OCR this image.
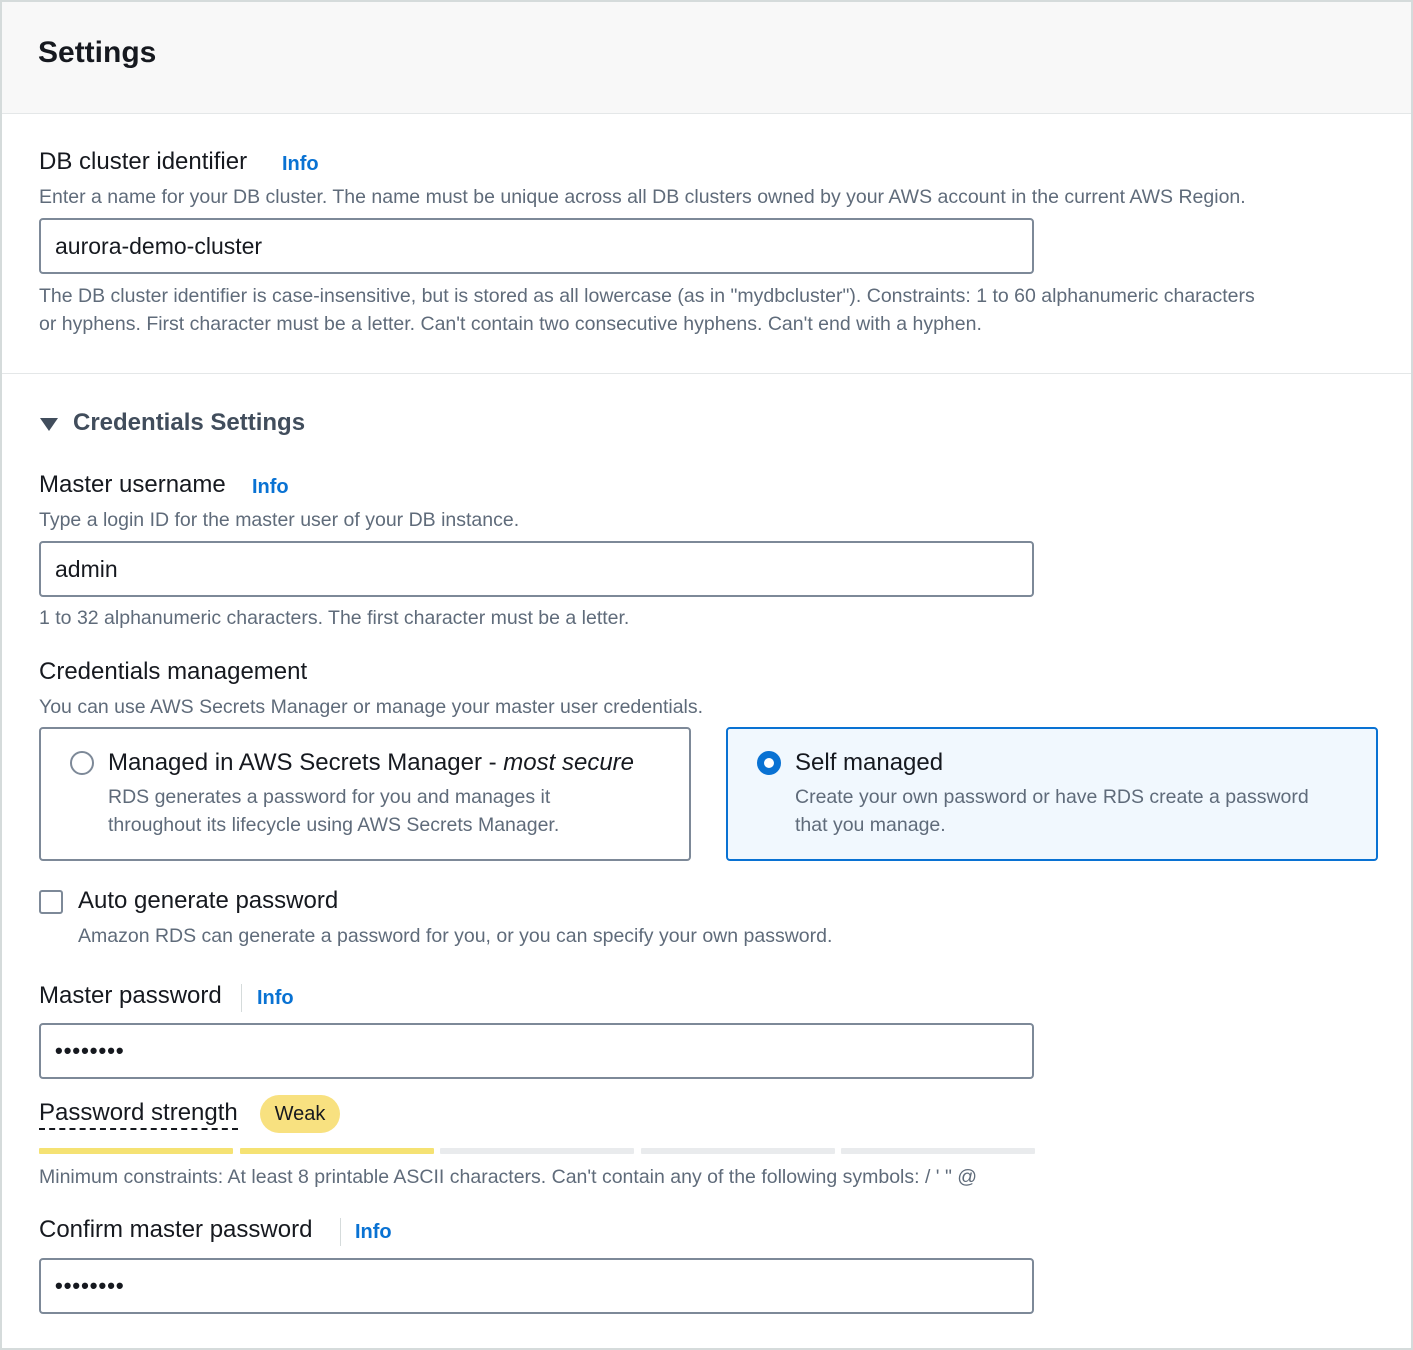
Settings
DB cluster identifier Info
Enter a name for your DB cluster. The name must be unique across all DB clusters owned by your AWS account in the current AWS Region.
aurora-demo-cluster
The DB cluster identifier is case-insensitive, but is stored as all lowercase (as in "mydbcluster"). Constraints: 1 to 60 alphanumeric characters
or hyphens. First character must be a letter. Can't contain two consecutive hyphens. Can't end with a hyphen.
Credentials Settings
Master username Info
Type a login ID for the master user of your DB instance.
admin
1 to 32 alphanumeric characters. The first character must be a letter.
Credentials management
You can use AWS Secrets Manager or manage your master user credentials.
Managed in AWS Secrets Manager - most secure
RDS generates a password for you and manages it
throughout its lifecycle using AWS Secrets Manager.
Self managed
Create your own password or have RDS create a password
that you manage.
Auto generate password
Amazon RDS can generate a password for you, or you can specify your own password.
Master password Info
••••••••
Password strength	Weak
Minimum constraints: At least 8 printable ASCII characters. Can't contain any of the following symbols: / ' " @
Confirm master password Info
••••••••
